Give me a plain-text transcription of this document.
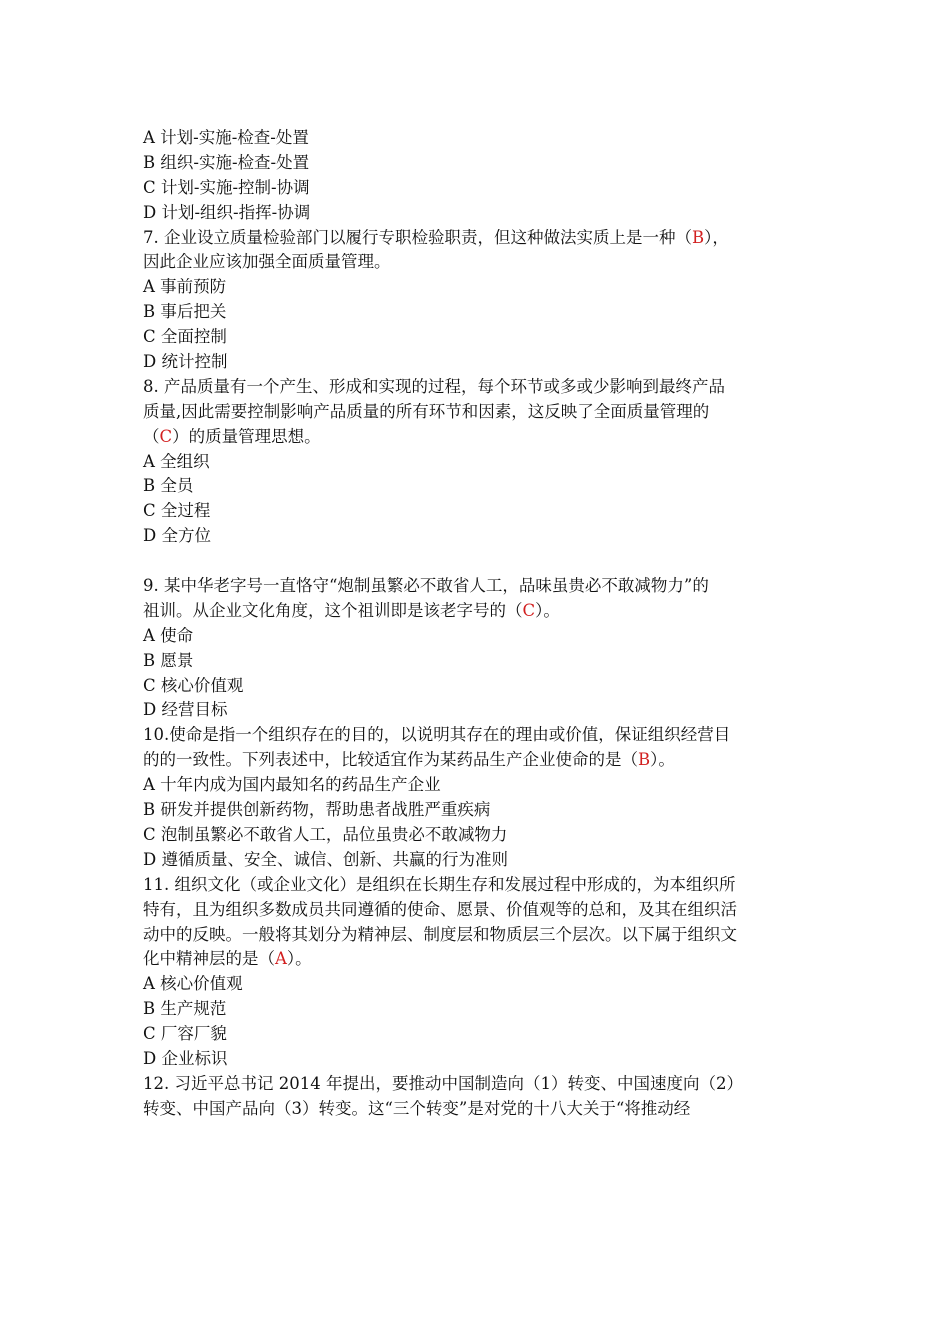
A 计划-实施-检查-处置
B 组织-实施-检查-处置
C 计划-实施-控制-协调
D 计划-组织-指挥-协调
7. 企业设立质量检验部门以履行专职检验职责，但这种做法实质上是一种（B），
因此企业应该加强全面质量管理。
A 事前预防
B 事后把关
C 全面控制
D 统计控制
8. 产品质量有一个产生、形成和实现的过程，每个环节或多或少影响到最终产品
质量,因此需要控制影响产品质量的所有环节和因素，这反映了全面质量管理的
（C）的质量管理思想。
A 全组织
B 全员
C 全过程
D 全方位
9. 某中华老字号一直恪守“炮制虽繁必不敢省人工，品味虽贵必不敢减物力”的
祖训。从企业文化角度，这个祖训即是该老字号的（C）。
A 使命
B 愿景
C 核心价值观
D 经营目标
10.使命是指一个组织存在的目的，以说明其存在的理由或价值，保证组织经营目
的的一致性。下列表述中，比较适宜作为某药品生产企业使命的是（B）。
A 十年内成为国内最知名的药品生产企业
B 研发并提供创新药物，帮助患者战胜严重疾病
C 泡制虽繁必不敢省人工，品位虽贵必不敢减物力
D 遵循质量、安全、诚信、创新、共赢的行为准则
11. 组织文化（或企业文化）是组织在长期生存和发展过程中形成的，为本组织所
特有，且为组织多数成员共同遵循的使命、愿景、价值观等的总和，及其在组织活
动中的反映。一般将其划分为精神层、制度层和物质层三个层次。以下属于组织文
化中精神层的是（A）。
A 核心价值观
B 生产规范
C 厂容厂貌
D 企业标识
12. 习近平总书记 2014 年提出，要推动中国制造向（1）转变、中国速度向（2）
转变、中国产品向（3）转变。这“三个转变”是对党的十八大关于“将推动经
